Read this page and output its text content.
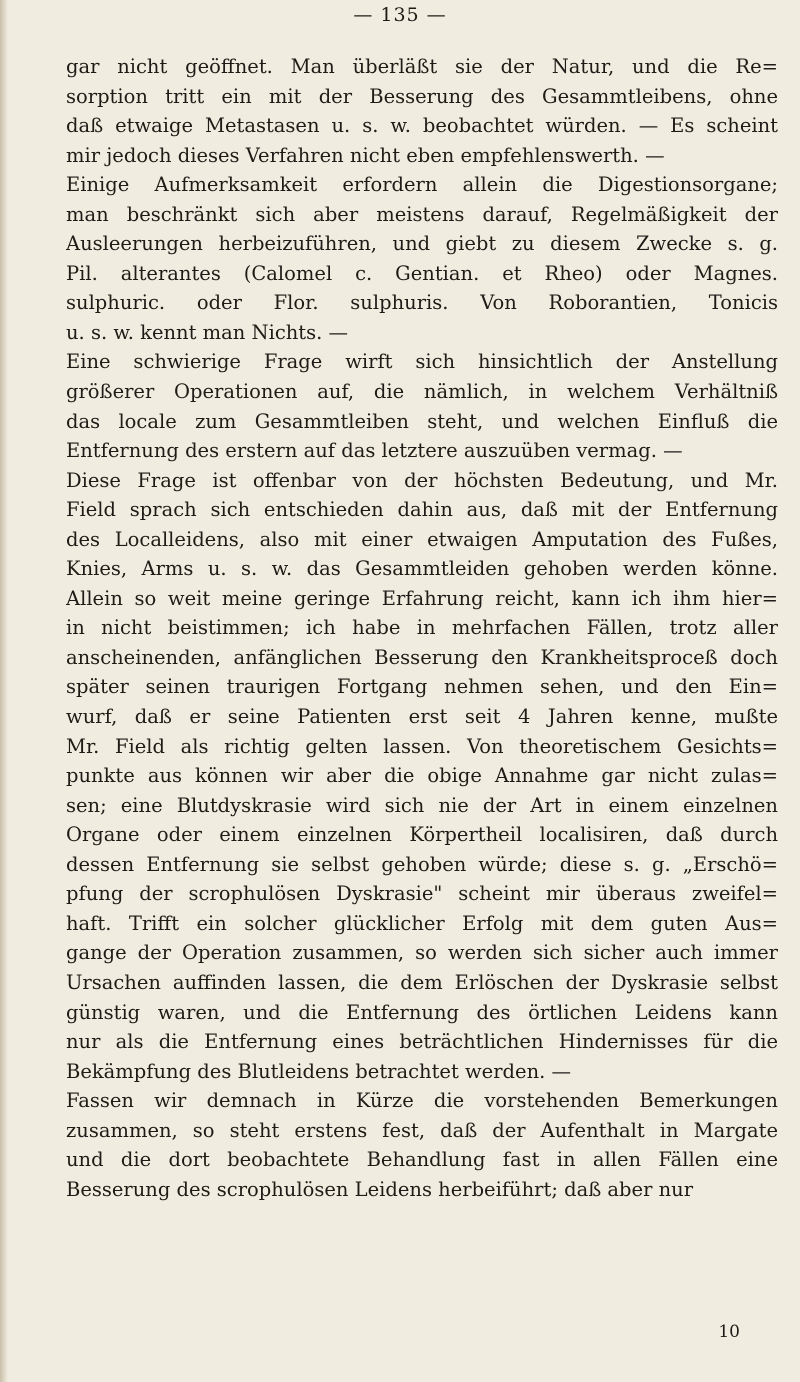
— 135 —
gar nicht geöffnet. Man überläßt sie der Natur, und die Re=
sorption tritt ein mit der Besserung des Gesammtleibens, ohne
daß etwaige Metastasen u. s. w. beobachtet würden. — Es scheint
mir jedoch dieses Verfahren nicht eben empfehlenswerth. —
Einige Aufmerksamkeit erfordern allein die Digestionsorgane;
man beschränkt sich aber meistens darauf, Regelmäßigkeit der
Ausleerungen herbeizuführen, und giebt zu diesem Zwecke s. g.
Pil. alterantes (Calomel c. Gentian. et Rheo) oder Magnes.
sulphuric. oder Flor. sulphuris. Von Roborantien, Tonicis
u. s. w. kennt man Nichts. —
Eine schwierige Frage wirft sich hinsichtlich der Anstellung
größerer Operationen auf, die nämlich, in welchem Verhältniß
das locale zum Gesammtleiben steht, und welchen Einfluß die
Entfernung des erstern auf das letztere auszuüben vermag. —
Diese Frage ist offenbar von der höchsten Bedeutung, und Mr.
Field sprach sich entschieden dahin aus, daß mit der Entfernung
des Localleidens, also mit einer etwaigen Amputation des Fußes,
Knies, Arms u. s. w. das Gesammtleiden gehoben werden könne.
Allein so weit meine geringe Erfahrung reicht, kann ich ihm hier=
in nicht beistimmen; ich habe in mehrfachen Fällen, trotz aller
anscheinenden, anfänglichen Besserung den Krankheitsproceß doch
später seinen traurigen Fortgang nehmen sehen, und den Ein=
wurf, daß er seine Patienten erst seit 4 Jahren kenne, mußte
Mr. Field als richtig gelten lassen. Von theoretischem Gesichts=
punkte aus können wir aber die obige Annahme gar nicht zulas=
sen; eine Blutdyskrasie wird sich nie der Art in einem einzelnen
Organe oder einem einzelnen Körpertheil localisiren, daß durch
dessen Entfernung sie selbst gehoben würde; diese s. g. „Erschö=
pfung der scrophulösen Dyskrasie" scheint mir überaus zweifel=
haft. Trifft ein solcher glücklicher Erfolg mit dem guten Aus=
gange der Operation zusammen, so werden sich sicher auch immer
Ursachen auffinden lassen, die dem Erlöschen der Dyskrasie selbst
günstig waren, und die Entfernung des örtlichen Leidens kann
nur als die Entfernung eines beträchtlichen Hindernisses für die
Bekämpfung des Blutleidens betrachtet werden. —
Fassen wir demnach in Kürze die vorstehenden Bemerkungen
zusammen, so steht erstens fest, daß der Aufenthalt in Margate
und die dort beobachtete Behandlung fast in allen Fällen eine
Besserung des scrophulösen Leidens herbeiführt; daß aber nur
10
